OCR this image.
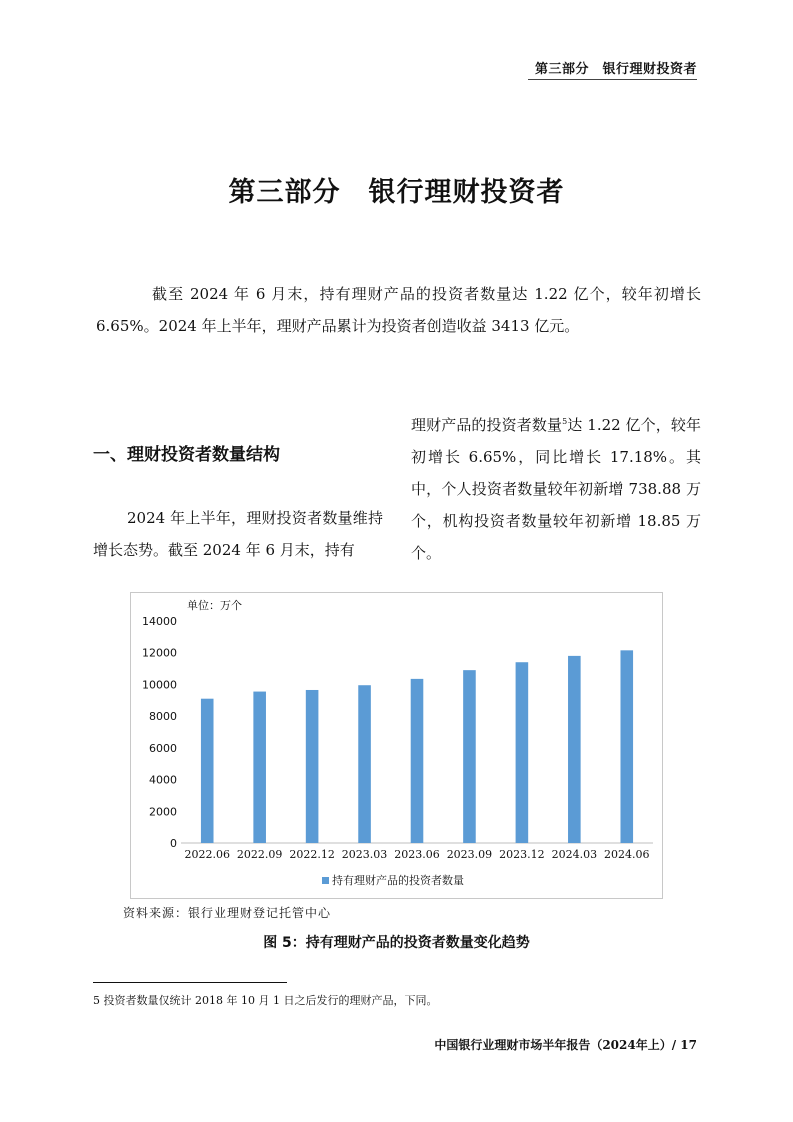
第三部分　银行理财投资者
第三部分　银行理财投资者
截至 2024 年 6 月末，持有理财产品的投资者数量达 1.22 亿个，较年初增长 6.65%。2024 年上半年，理财产品累计为投资者创造收益 3413 亿元。
一、理财投资者数量结构
2024 年上半年，理财投资者数量维持增长态势。截至 2024 年 6 月末，持有
理财产品的投资者数量$^5$达 1.22 亿个，较年初增长 6.65%，同比增长 17.18%。其中，个人投资者数量较年初新增 738.88 万个，机构投资者数量较年初新增 18.85 万个。
0
2000
4000
6000
8000
10000
12000
14000
2022.06 2022.09 2022.12 2023.03 2023.06 2023.09 2023.12 2024.03 2024.06
单位：万个
持有理财产品的投资者数量
资料来源：银行业理财登记托管中心
图 5：持有理财产品的投资者数量变化趋势
5 投资者数量仅统计 2018 年 10 月 1 日之后发行的理财产品，下同。
中国银行业理财市场半年报告（2024年上）/ 17
